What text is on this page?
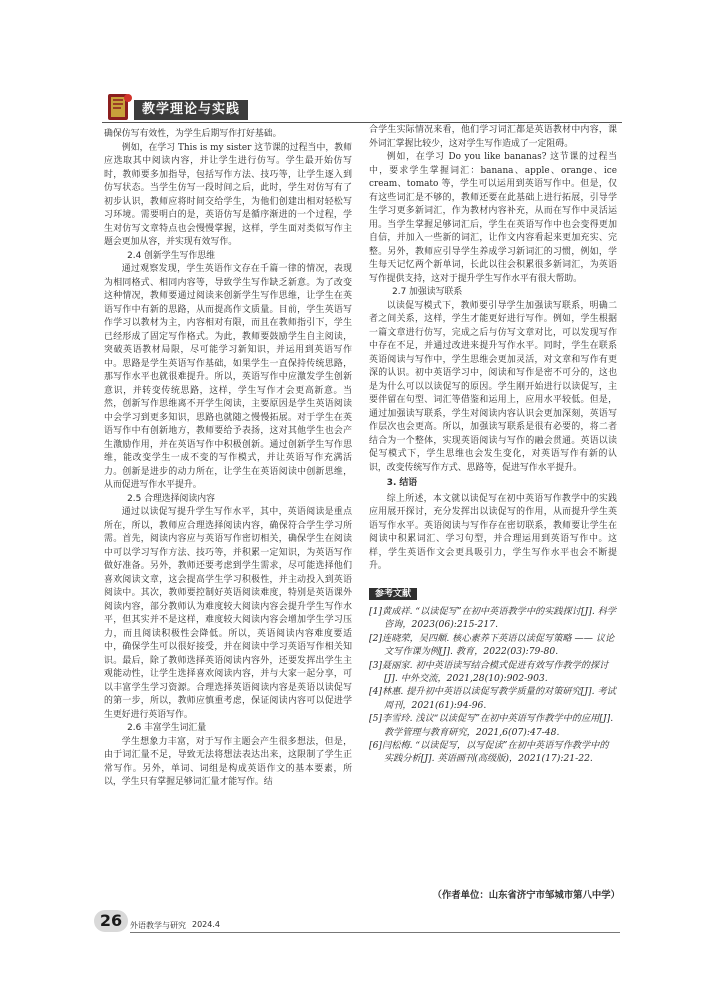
教学理论与实践

确保仿写有效性，为学生后期写作打好基础。

例如，在学习 This is my sister 这节课的过程当中，教师应选取其中阅读内容，并让学生进行仿写。学生最开始仿写时，教师要多加指导，包括写作方法、技巧等，让学生逐入到仿写状态。当学生仿写一段时间之后，此时，学生对仿写有了初步认识，教师应将时间交给学生，为他们创建出相对轻松写习环境。需要明白的是，英语仿写是循序渐进的一个过程，学生对仿写文章特点也会慢慢掌握，这样，学生面对类似写作主题会更加从容，并实现有效写作。

2.4 创新学生写作思维

通过观察发现，学生英语作文存在千篇一律的情况，表现为相同格式、相同内容等，导致学生写作缺乏新意。为了改变这种情况，教师要通过阅读来创新学生写作思维，让学生在英语写作中有新的思路，从而提高作文质量。目前，学生英语写作学习以教材为主，内容相对有限，而且在教师指引下，学生已经形成了固定写作格式。为此，教师要鼓励学生自主阅读，突破英语教材局限，尽可能学习新知识，并运用到英语写作中。思路是学生英语写作基础，如果学生一直保持传统思路，那写作水平也就很难提升。所以，英语写作中应激发学生创新意识，并转变传统思路，这样，学生写作才会更高新意。当然，创新写作思维离不开学生阅读，主要原因是学生英语阅读中会学习到更多知识，思路也就随之慢慢拓展。对于学生在英语写作中有创新地方，教师要给予表扬，这对其他学生也会产生激励作用，并在英语写作中积极创新。通过创新学生写作思维，能改变学生一成不变的写作模式，并让英语写作充满活力。创新是进步的动力所在，让学生在英语阅读中创新思维，从而促进写作水平提升。

2.5 合理选择阅读内容

通过以读促写提升学生写作水平，其中，英语阅读是重点所在，所以，教师应合理选择阅读内容，确保符合学生学习所需。首先，阅读内容应与英语写作密切相关，确保学生在阅读中可以学习写作方法、技巧等，并积累一定知识，为英语写作做好准备。另外，教师还要考虑到学生需求，尽可能选择他们喜欢阅读文章，这会提高学生学习积极性，并主动投入到英语阅读中。其次，教师要控制好英语阅读难度，特别是英语课外阅读内容，部分教师认为难度较大阅读内容会提升学生写作水平，但其实并不是这样，难度较大阅读内容会增加学生学习压力，而且阅读积极性会降低。所以，英语阅读内容难度要适中，确保学生可以很好接受，并在阅读中学习英语写作相关知识。最后，除了教师选择英语阅读内容外，还要发挥出学生主观能动性，让学生选择喜欢阅读内容，并与大家一起分享，可以丰富学生学习资源。合理选择英语阅读内容是英语以读促写的第一步，所以，教师应慎重考虑，保证阅读内容可以促进学生更好进行英语写作。

2.6 丰富学生词汇量

学生想象力丰富，对于写作主题会产生很多想法，但是，由于词汇量不足，导致无法将想法表达出来，这限制了学生正常写作。另外，单词、词组是构成英语作文的基本要素，所以，学生只有掌握足够词汇量才能写作。结

合学生实际情况来看，他们学习词汇都是英语教材中内容，课外词汇掌握比较少，这对学生写作造成了一定阻碍。

例如，在学习 Do you like bananas? 这节课的过程当中，要求学生掌握词汇：banana、apple、orange、ice cream、tomato 等，学生可以运用到英语写作中。但是，仅有这些词汇是不够的，教师还要在此基础上进行拓展，引导学生学习更多新词汇，作为教材内容补充，从而在写作中灵活运用。当学生掌握足够词汇后，学生在英语写作中也会变得更加自信，并加入一些新的词汇，让作文内容看起来更加充实、完整。另外，教师应引导学生养成学习新词汇的习惯，例如，学生每天记忆两个新单词，长此以往会积累很多新词汇，为英语写作提供支持，这对于提升学生写作水平有很大帮助。

2.7 加强读写联系

以读促写模式下，教师要引导学生加强读写联系，明确二者之间关系，这样，学生才能更好进行写作。例如，学生根据一篇文章进行仿写，完成之后与仿写文章对比，可以发现写作中存在不足，并通过改进来提升写作水平。同时，学生在联系英语阅读与写作中，学生思维会更加灵活，对文章和写作有更深的认识。初中英语学习中，阅读和写作是密不可分的，这也是为什么可以以读促写的原因。学生刚开始进行以读促写，主要伴留在句型、词汇等借鉴和运用上，应用水平较低。但是，通过加强读写联系，学生对阅读内容认识会更加深刻，英语写作层次也会更高。所以，加强读写联系是很有必要的，将二者结合为一个整体，实现英语阅读与写作的融会贯通。英语以读促写模式下，学生思维也会发生变化，对英语写作有新的认识，改变传统写作方式、思路等，促进写作水平提升。

3. 结语

综上所述，本文就以读促写在初中英语写作教学中的实践应用展开探讨，充分发挥出以读促写的作用，从而提升学生英语写作水平。英语阅读与写作存在密切联系，教师要让学生在阅读中积累词汇、学习句型，并合理运用到英语写作中。这样，学生英语作文会更具吸引力，学生写作水平也会不断提升。

参考文献
[1]黄成祥. “以读促写”在初中英语教学中的实践探讨[J]. 科学咨询，2023(06):215-217.
[2]连晓荣，吴四頫. 核心素养下英语以读促写策略 —— 议论文写作课为例[J]. 教育，2022(03):79-80.
[3]聂丽家. 初中英语读写结合模式促进有效写作教学的探讨[J]. 中外交流，2021,28(10):902-903.
[4]林惠. 提升初中英语以读促写教学质量的对策研究[J]. 考试周刊，2021(61):94-96.
[5]李雪玲. 浅议“以读促写”在初中英语写作教学中的应用[J]. 教学管理与教育研究，2021,6(07):47-48.
[6]闫松梅. “以读促写，以写促读”在初中英语写作教学中的实践分析[J]. 英语画刊(高级版)，2021(17):21-22.
（作者单位：山东省济宁市邹城市第八中学）
26 外语教学与研究 2024.4
